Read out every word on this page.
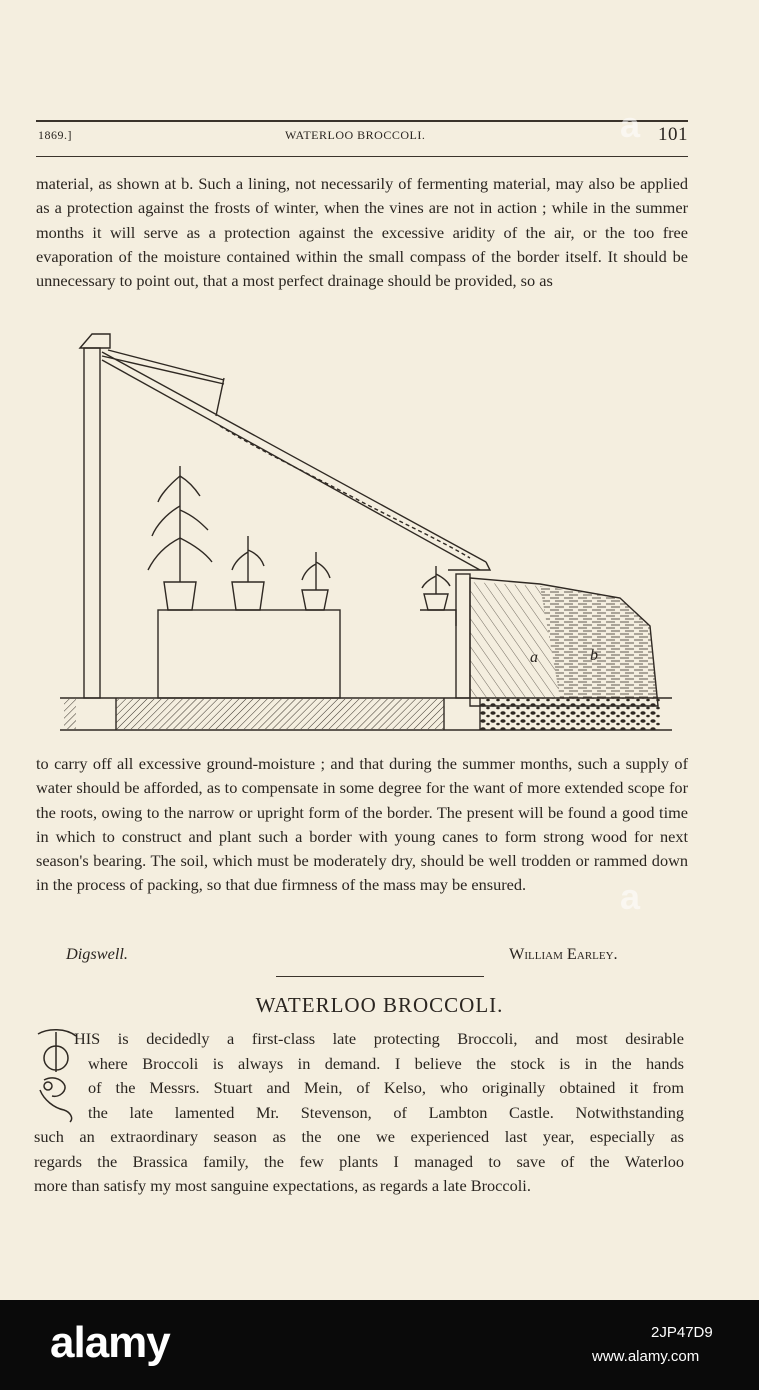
1869.]	WATERLOO BROCCOLI.	101

material, as shown at b. Such a lining, not necessarily of fermenting material, may also be applied as a protection against the frosts of winter, when the vines are not in action ; while in the summer months it will serve as a protection against the excessive aridity of the air, or the too free evaporation of the moisture contained within the small compass of the border itself. It should be unnecessary to point out, that a most perfect drainage should be provided, so as

a	b

to carry off all excessive ground-moisture ; and that during the summer months, such a supply of water should be afforded, as to compensate in some degree for the want of more extended scope for the roots, owing to the narrow or upright form of the border. The present will be found a good time in which to construct and plant such a border with young canes to form strong wood for next season's bearing. The soil, which must be moderately dry, should be well trodden or rammed down in the process of packing, so that due firmness of the mass may be ensured.

Digswell.	William Earley.
WATERLOO BROCCOLI.
HIS is decidedly a first-class late protecting Broccoli, and most desirable
where Broccoli is always in demand. I believe the stock is in the hands
of the Messrs. Stuart and Mein, of Kelso, who originally obtained it from
the late lamented Mr. Stevenson, of Lambton Castle. Notwithstanding
such an extraordinary season as the one we experienced last year, especially as
regards the Brassica family, the few plants I managed to save of the Waterloo
more than satisfy my most sanguine expectations, as regards a late Broccoli.
a
a
alamy	2JP47D9
www.alamy.com
